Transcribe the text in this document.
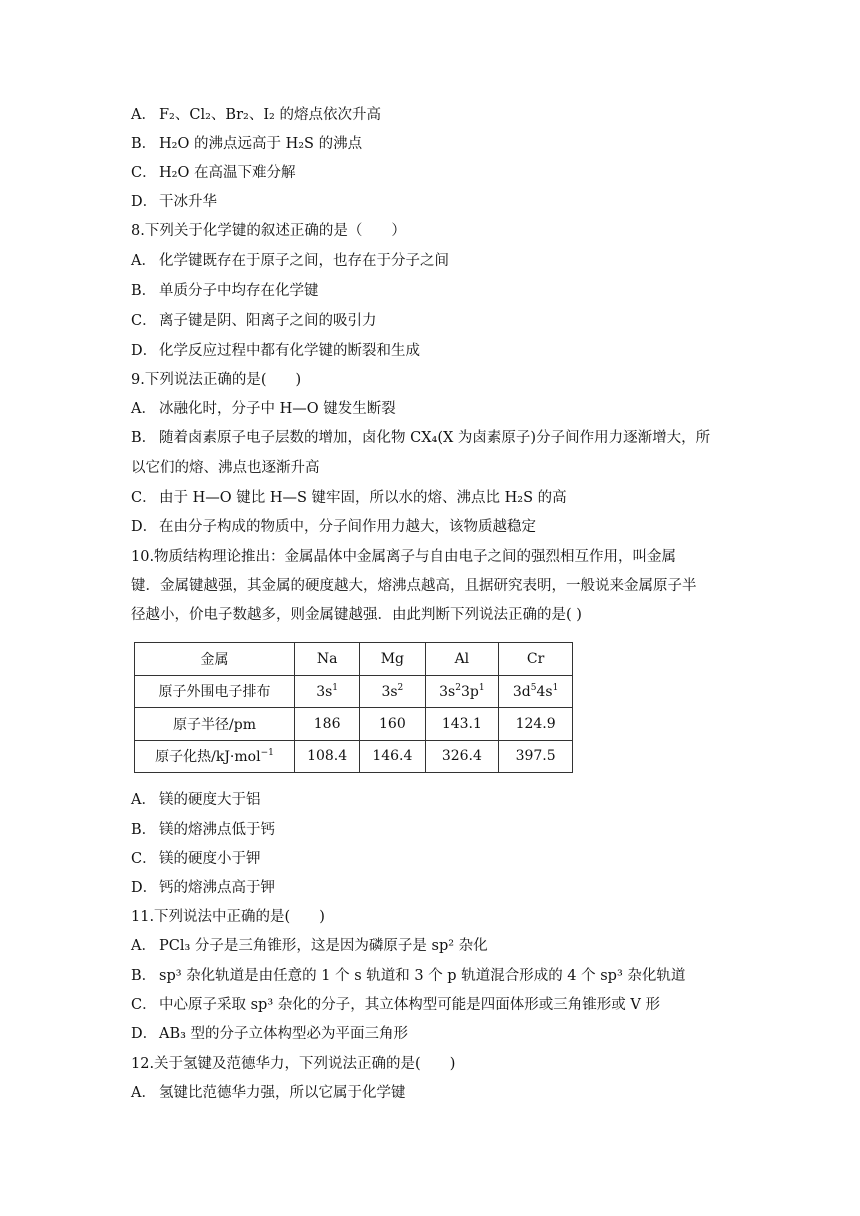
A． F₂、Cl₂、Br₂、I₂ 的熔点依次升高
B． H₂O 的沸点远高于 H₂S 的沸点
C． H₂O 在高温下难分解
D． 干冰升华
8.下列关于化学键的叙述正确的是（　　）
A． 化学键既存在于原子之间，也存在于分子之间
B． 单质分子中均存在化学键
C． 离子键是阴、阳离子之间的吸引力
D． 化学反应过程中都有化学键的断裂和生成
9.下列说法正确的是(　　)
A． 冰融化时，分子中 H—O 键发生断裂
B． 随着卤素原子电子层数的增加，卤化物 CX₄(X 为卤素原子)分子间作用力逐渐增大，所
以它们的熔、沸点也逐渐升高
C． 由于 H—O 键比 H—S 键牢固，所以水的熔、沸点比 H₂S 的高
D． 在由分子构成的物质中，分子间作用力越大，该物质越稳定
10.物质结构理论推出：金属晶体中金属离子与自由电子之间的强烈相互作用，叫金属
键．金属键越强，其金属的硬度越大，熔沸点越高，且据研究表明，一般说来金属原子半
径越小，价电子数越多，则金属键越强．由此判断下列说法正确的是( )
A． 镁的硬度大于铝
B． 镁的熔沸点低于钙
C． 镁的硬度小于钾
D． 钙的熔沸点高于钾
11.下列说法中正确的是(　　)
A． PCl₃ 分子是三角锥形，这是因为磷原子是 sp² 杂化
B． sp³ 杂化轨道是由任意的 1 个 s 轨道和 3 个 p 轨道混合形成的 4 个 sp³ 杂化轨道
C． 中心原子采取 sp³ 杂化的分子，其立体构型可能是四面体形或三角锥形或 V 形
D． AB₃ 型的分子立体构型必为平面三角形
12.关于氢键及范德华力，下列说法正确的是(　　)
A． 氢键比范德华力强，所以它属于化学键
金属	Na	Mg	Al	Cr
原子外围电子排布	$3s^1$	$3s^2$	$3s^23p^1$	$3d^54s^1$
原子半径/pm	186	160	143.1	124.9
原子化热/kJ·mol$^{-1}$	108.4	146.4	326.4	397.5
